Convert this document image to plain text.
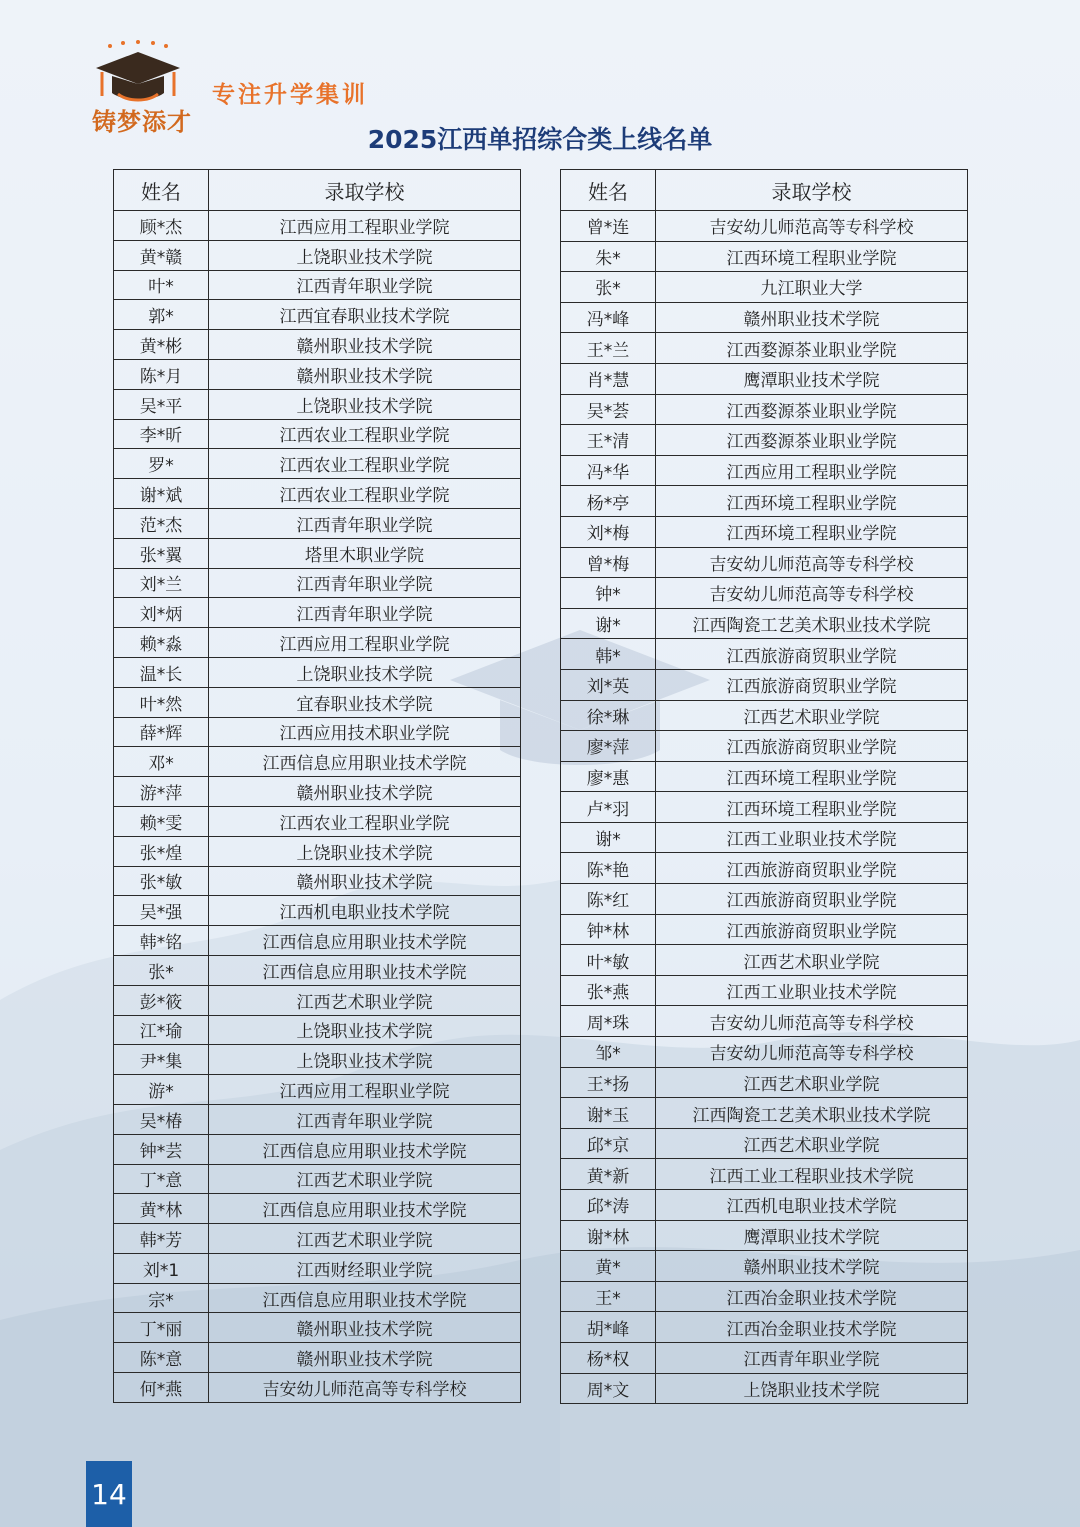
铸梦添才
专注升学集训
2025江西单招综合类上线名单
姓名	录取学校
顾*杰	江西应用工程职业学院
黄*赣	上饶职业技术学院
叶*	江西青年职业学院
郭*	江西宜春职业技术学院
黄*彬	赣州职业技术学院
陈*月	赣州职业技术学院
吴*平	上饶职业技术学院
李*昕	江西农业工程职业学院
罗*	江西农业工程职业学院
谢*斌	江西农业工程职业学院
范*杰	江西青年职业学院
张*翼	塔里木职业学院
刘*兰	江西青年职业学院
刘*炳	江西青年职业学院
赖*淼	江西应用工程职业学院
温*长	上饶职业技术学院
叶*然	宜春职业技术学院
薛*辉	江西应用技术职业学院
邓*	江西信息应用职业技术学院
游*萍	赣州职业技术学院
赖*雯	江西农业工程职业学院
张*煌	上饶职业技术学院
张*敏	赣州职业技术学院
吴*强	江西机电职业技术学院
韩*铭	江西信息应用职业技术学院
张*	江西信息应用职业技术学院
彭*筱	江西艺术职业学院
江*瑜	上饶职业技术学院
尹*集	上饶职业技术学院
游*	江西应用工程职业学院
吴*椿	江西青年职业学院
钟*芸	江西信息应用职业技术学院
丁*意	江西艺术职业学院
黄*林	江西信息应用职业技术学院
韩*芳	江西艺术职业学院
刘*1	江西财经职业学院
宗*	江西信息应用职业技术学院
丁*丽	赣州职业技术学院
陈*意	赣州职业技术学院
何*燕	吉安幼儿师范高等专科学校
姓名	录取学校
曾*连	吉安幼儿师范高等专科学校
朱*	江西环境工程职业学院
张*	九江职业大学
冯*峰	赣州职业技术学院
王*兰	江西婺源茶业职业学院
肖*慧	鹰潭职业技术学院
吴*荟	江西婺源茶业职业学院
王*清	江西婺源茶业职业学院
冯*华	江西应用工程职业学院
杨*亭	江西环境工程职业学院
刘*梅	江西环境工程职业学院
曾*梅	吉安幼儿师范高等专科学校
钟*	吉安幼儿师范高等专科学校
谢*	江西陶瓷工艺美术职业技术学院
韩*	江西旅游商贸职业学院
刘*英	江西旅游商贸职业学院
徐*琳	江西艺术职业学院
廖*萍	江西旅游商贸职业学院
廖*惠	江西环境工程职业学院
卢*羽	江西环境工程职业学院
谢*	江西工业职业技术学院
陈*艳	江西旅游商贸职业学院
陈*红	江西旅游商贸职业学院
钟*林	江西旅游商贸职业学院
叶*敏	江西艺术职业学院
张*燕	江西工业职业技术学院
周*珠	吉安幼儿师范高等专科学校
邹*	吉安幼儿师范高等专科学校
王*扬	江西艺术职业学院
谢*玉	江西陶瓷工艺美术职业技术学院
邱*京	江西艺术职业学院
黄*新	江西工业工程职业技术学院
邱*涛	江西机电职业技术学院
谢*林	鹰潭职业技术学院
黄*	赣州职业技术学院
王*	江西冶金职业技术学院
胡*峰	江西冶金职业技术学院
杨*权	江西青年职业学院
周*文	上饶职业技术学院
14
